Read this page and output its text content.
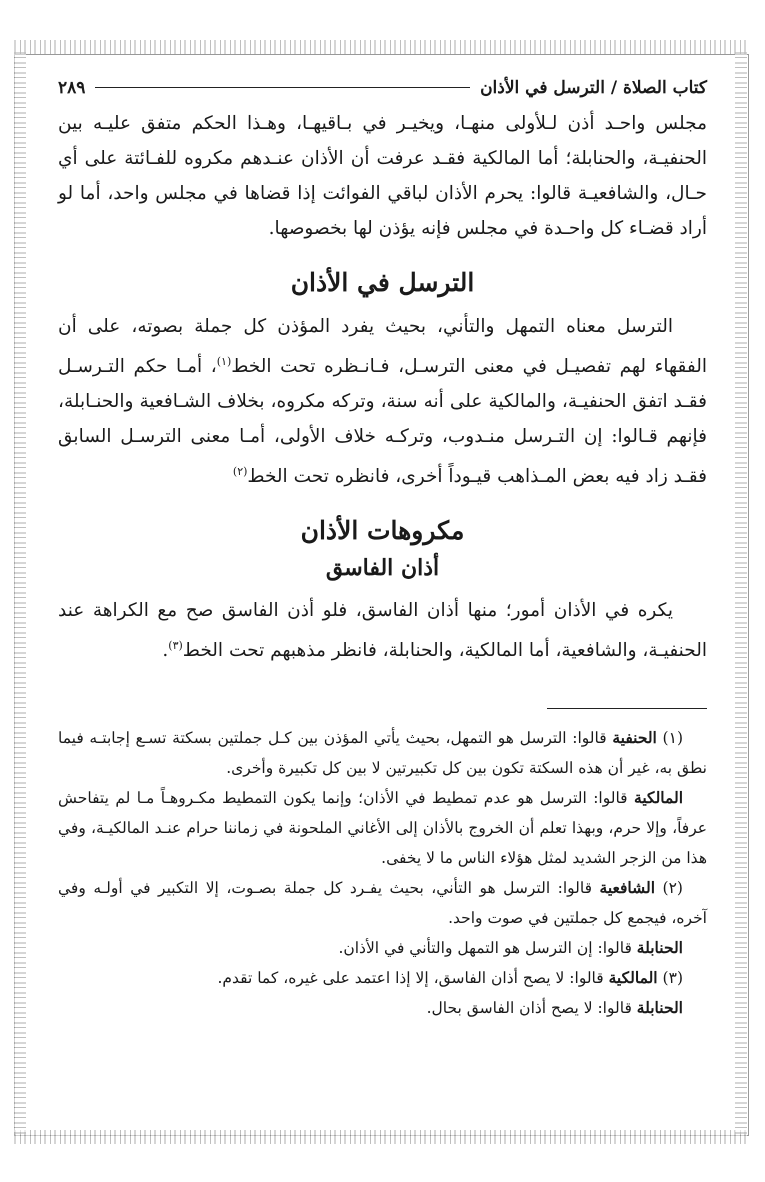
كتاب الصلاة / الترسل في الأذان
٢٨٩

مجلس واحـد أذن لـلأولى منهـا، ويخيـر في بـاقيهـا، وهـذا الحكم متفق عليـه بين الحنفيـة، والحنابلة؛ أما المالكية فقـد عرفت أن الأذان عنـدهم مكروه للفـائتة على أي حـال، والشافعيـة قالوا: يحرم الأذان لباقي الفوائت إذا قضاها في مجلس واحد، أما لو أراد قضـاء كل واحـدة في مجلس فإنه يؤذن لها بخصوصها.

الترسل في الأذان

الترسل معناه التمهل والتأني، بحيث يفرد المؤذن كل جملة بصوته، على أن الفقهاء لهم تفصيـل في معنى الترسـل، فـانـظره تحت الخط$^{(١)}$، أمـا حكم التـرسـل فقـد اتفق الحنفيـة، والمالكية على أنه سنة، وتركه مكروه، بخلاف الشـافعية والحنـابلة، فإنهم قـالوا: إن التـرسل منـدوب، وتركـه خلاف الأولى، أمـا معنى الترسـل السابق فقـد زاد فيه بعض المـذاهب قيـوداً أخرى، فانظره تحت الخط$^{(٢)}$

مكروهات الأذان
أذان الفاسق

يكره في الأذان أمور؛ منها أذان الفاسق، فلو أذن الفاسق صح مع الكراهة عند الحنفيـة، والشافعية، أما المالكية، والحنابلة، فانظر مذهبهم تحت الخط$^{(٣)}$.

(١) الحنفية قالوا: الترسل هو التمهل، بحيث يأتي المؤذن بين كـل جملتين بسكتة تسـع إجابتـه فيما نطق به، غير أن هذه السكتة تكون بين كل تكبيرتين لا بين كل تكبيرة وأخرى.

المالكية قالوا: الترسل هو عدم تمطيط في الأذان؛ وإنما يكون التمطيط مكـروهـاً مـا لم يتفاحش عرفاً، وإلا حرم، وبهذا تعلم أن الخروج بالأذان إلى الأغاني الملحونة في زماننا حرام عنـد المالكيـة، وفي هذا من الزجر الشديد لمثل هؤلاء الناس ما لا يخفى.

(٢) الشافعية قالوا: الترسل هو التأني، بحيث يفـرد كل جملة بصـوت، إلا التكبير في أولـه وفي آخره، فيجمع كل جملتين في صوت واحد.

الحنابلة قالوا: إن الترسل هو التمهل والتأني في الأذان.

(٣) المالكية قالوا: لا يصح أذان الفاسق، إلا إذا اعتمد على غيره، كما تقدم.

الحنابلة قالوا: لا يصح أذان الفاسق بحال.
